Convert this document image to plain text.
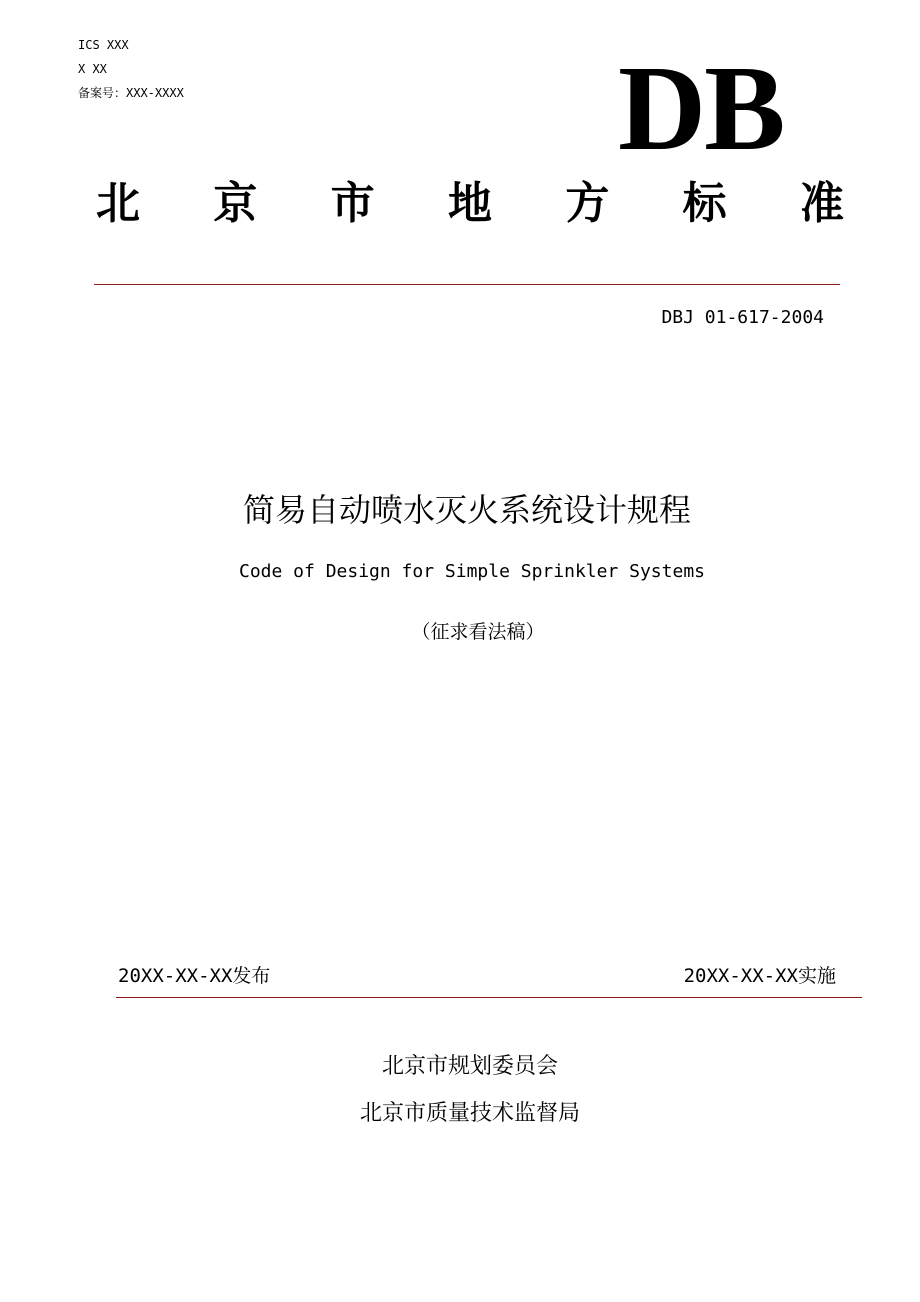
ICS XXX
X XX
备案号：XXX-XXXX	DB
北 京 市 地 方 标 准
DBJ 01-617-2004
简易自动喷水灭火系统设计规程
Code of Design for Simple Sprinkler Systems
（征求看法稿）
20XX-XX-XX发布	20XX-XX-XX实施
北京市规划委员会
北京市质量技术监督局
